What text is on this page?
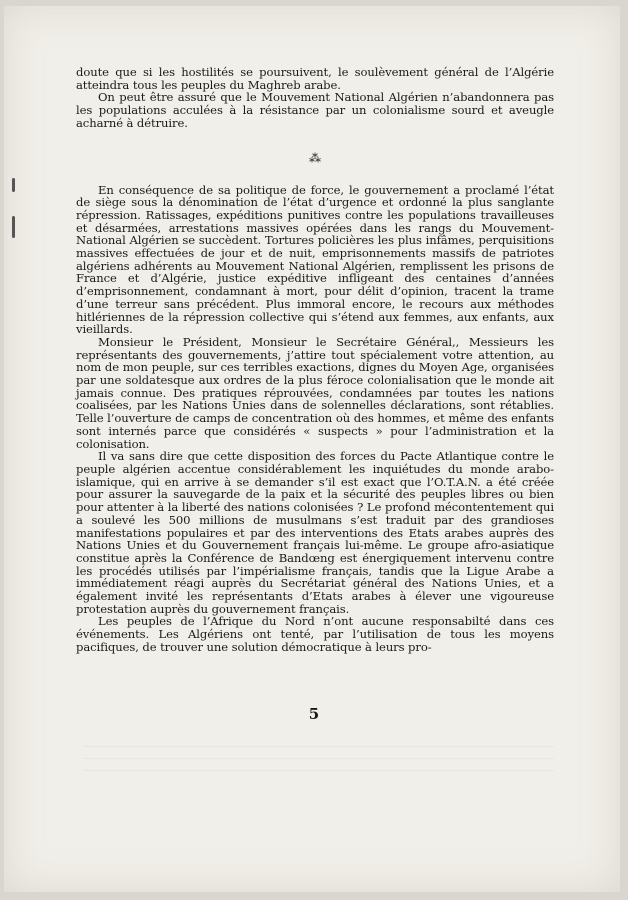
doute que si les hostilités se poursuivent, le soulèvement général de l’Algérie atteindra tous les peuples du Maghreb arabe.

On peut être assuré que le Mouvement National Algérien n’abandonnera pas les populations acculées à la résistance par un colonialisme sourd et aveugle acharné à détruire.

⁂

En conséquence de sa politique de force, le gouvernement a proclamé l’état de siège sous la dénomination de l’état d’urgence et ordonné la plus sanglante répression. Ratissages, expéditions punitives contre les populations travailleuses et désarmées, arrestations massives opérées dans les rangs du Mouvement-National Algérien se succèdent. Tortures policières les plus infâmes, perquisitions massives effectuées de jour et de nuit, emprisonnements massifs de patriotes algériens adhérents au Mouvement National Algérien, remplissent les prisons de France et d’Algérie, justice expéditive infligeant des centaines d’années d’emprisonnement, condamnant à mort, pour délit d’opinion, tracent la trame d’une terreur sans précédent. Plus immoral encore, le recours aux méthodes hitlériennes de la répression collective qui s’étend aux femmes, aux enfants, aux vieillards.

Monsieur le Président, Monsieur le Secrétaire Général,, Messieurs les représentants des gouvernements, j’attire tout spécialement votre attention, au nom de mon peuple, sur ces terribles exactions, dignes du Moyen Age, organisées par une soldatesque aux ordres de la plus féroce colonialisation que le monde ait jamais connue. Des pratiques réprouvées, condamnées par toutes les nations coalisées, par les Nations Unies dans de solennelles déclarations, sont rétablies. Telle l’ouverture de camps de concentration où des hommes, et même des enfants sont internés parce que considérés « suspects » pour l’administration et la colonisation.

Il va sans dire que cette disposition des forces du Pacte Atlantique contre le peuple algérien accentue considérablement les inquiétudes du monde arabo-islamique, qui en arrive à se demander s’il est exact que l’O.T.A.N. a été créée pour assurer la sauvegarde de la paix et la sécurité des peuples libres ou bien pour attenter à la liberté des nations colonisées ? Le profond mécontentement qui a soulevé les 500 millions de musulmans s’est traduit par des grandioses manifestations populaires et par des interventions des Etats arabes auprès des Nations Unies et du Gouvernement français lui-même. Le groupe afro-asiatique constitue après la Conférence de Bandœng est énergiquement intervenu contre les procédés utilisés par l’impérialisme français, tandis que la Ligue Arabe a immédiatement réagi auprès du Secrétariat général des Nations Unies, et a également invité les représentants d’Etats arabes à élever une vigoureuse protestation auprès du gouvernement français.

Les peuples de l’Afrique du Nord n’ont aucune responsabilté dans ces événements. Les Algériens ont tenté, par l’utilisation de tous les moyens pacifiques, de trouver une solution démocratique à leurs pro-

5
